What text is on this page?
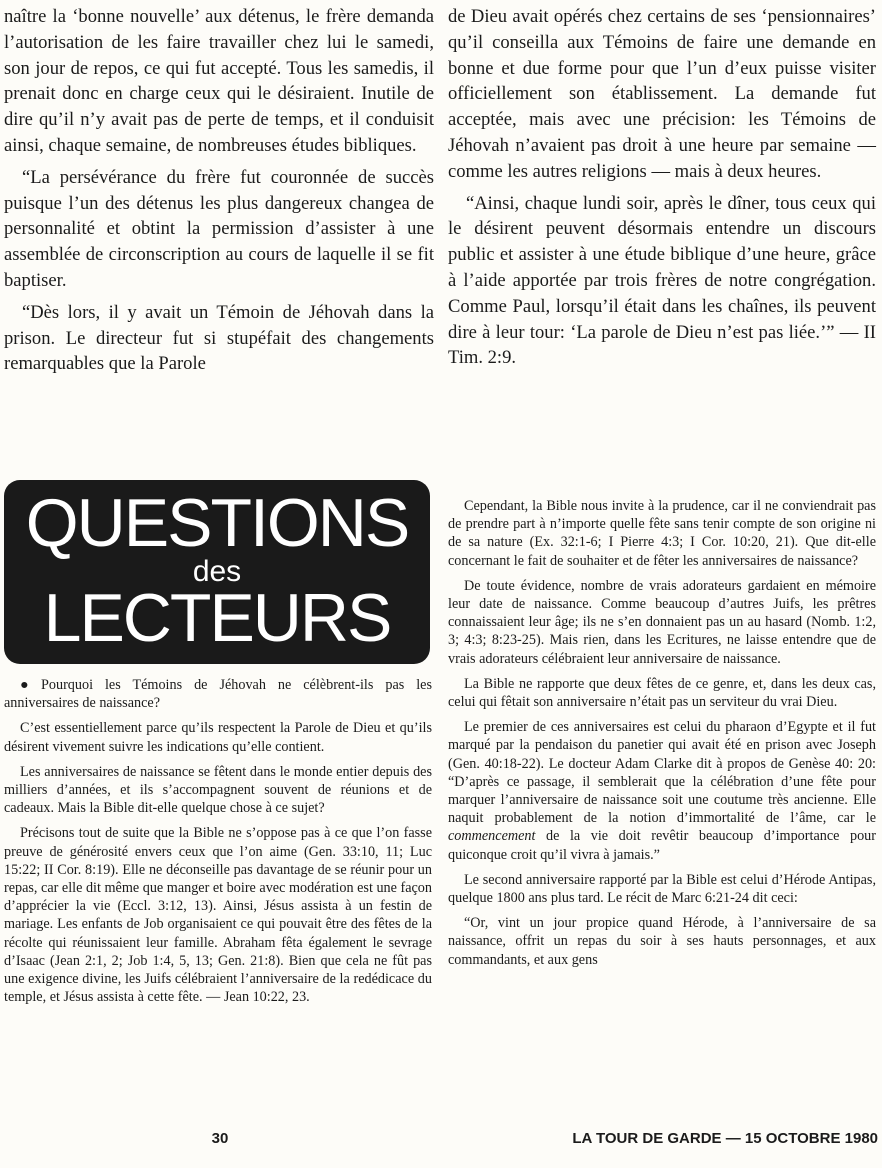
naître la ‘bonne nouvelle’ aux détenus, le frère demanda l’autorisation de les faire travailler chez lui le samedi, son jour de repos, ce qui fut accepté. Tous les samedis, il prenait donc en charge ceux qui le désiraient. Inutile de dire qu’il n’y avait pas de perte de temps, et il conduisit ainsi, chaque semaine, de nombreuses études bibliques.

“La persévérance du frère fut couronnée de succès puisque l’un des détenus les plus dangereux changea de personnalité et obtint la permission d’assister à une assemblée de circonscription au cours de laquelle il se fit baptiser.

“Dès lors, il y avait un Témoin de Jéhovah dans la prison. Le directeur fut si stupéfait des changements remarquables que la Parole

de Dieu avait opérés chez certains de ses ‘pensionnaires’ qu’il conseilla aux Témoins de faire une demande en bonne et due forme pour que l’un d’eux puisse visiter officiellement son établissement. La demande fut acceptée, mais avec une précision: les Témoins de Jéhovah n’avaient pas droit à une heure par semaine — comme les autres religions — mais à deux heures.

“Ainsi, chaque lundi soir, après le dîner, tous ceux qui le désirent peuvent désormais entendre un discours public et assister à une étude biblique d’une heure, grâce à l’aide apportée par trois frères de notre congrégation. Comme Paul, lorsqu’il était dans les chaînes, ils peuvent dire à leur tour: ‘La parole de Dieu n’est pas liée.’” — II Tim. 2:9.

QUESTIONS
des
LECTEURS

● Pourquoi les Témoins de Jéhovah ne célèbrent-ils pas les anniversaires de naissance?

C’est essentiellement parce qu’ils respectent la Parole de Dieu et qu’ils désirent vivement suivre les indications qu’elle contient.

Les anniversaires de naissance se fêtent dans le monde entier depuis des milliers d’années, et ils s’accompagnent souvent de réunions et de cadeaux. Mais la Bible dit-elle quelque chose à ce sujet?

Précisons tout de suite que la Bible ne s’oppose pas à ce que l’on fasse preuve de générosité envers ceux que l’on aime (Gen. 33:10, 11; Luc 15:22; II Cor. 8:19). Elle ne déconseille pas davantage de se réunir pour un repas, car elle dit même que manger et boire avec modération est une façon d’apprécier la vie (Eccl. 3:12, 13). Ainsi, Jésus assista à un festin de mariage. Les enfants de Job organisaient ce qui pouvait être des fêtes de la récolte qui réunissaient leur famille. Abraham fêta également le sevrage d’Isaac (Jean 2:1, 2; Job 1:4, 5, 13; Gen. 21:8). Bien que cela ne fût pas une exigence divine, les Juifs célébraient l’anniversaire de la redédicace du temple, et Jésus assista à cette fête. — Jean 10:22, 23.

Cependant, la Bible nous invite à la prudence, car il ne conviendrait pas de prendre part à n’importe quelle fête sans tenir compte de son origine ni de sa nature (Ex. 32:1-6; I Pierre 4:3; I Cor. 10:20, 21). Que dit-elle concernant le fait de souhaiter et de fêter les anniversaires de naissance?

De toute évidence, nombre de vrais adorateurs gardaient en mémoire leur date de naissance. Comme beaucoup d’autres Juifs, les prêtres connaissaient leur âge; ils ne s’en donnaient pas un au hasard (Nomb. 1:2, 3; 4:3; 8:23-25). Mais rien, dans les Ecritures, ne laisse entendre que de vrais adorateurs célébraient leur anniversaire de naissance.

La Bible ne rapporte que deux fêtes de ce genre, et, dans les deux cas, celui qui fêtait son anniversaire n’était pas un serviteur du vrai Dieu.

Le premier de ces anniversaires est celui du pharaon d’Egypte et il fut marqué par la pendaison du panetier qui avait été en prison avec Joseph (Gen. 40:18-22). Le docteur Adam Clarke dit à propos de Genèse 40: 20: “D’après ce passage, il semblerait que la célébration d’une fête pour marquer l’anniversaire de naissance soit une coutume très ancienne. Elle naquit probablement de la notion d’immortalité de l’âme, car le commencement de la vie doit revêtir beaucoup d’importance pour quiconque croit qu’il vivra à jamais.”

Le second anniversaire rapporté par la Bible est celui d’Hérode Antipas, quelque 1800 ans plus tard. Le récit de Marc 6:21-24 dit ceci:

“Or, vint un jour propice quand Hérode, à l’anniversaire de sa naissance, offrit un repas du soir à ses hauts personnages, et aux commandants, et aux gens

30	LA TOUR DE GARDE — 15 OCTOBRE 1980
